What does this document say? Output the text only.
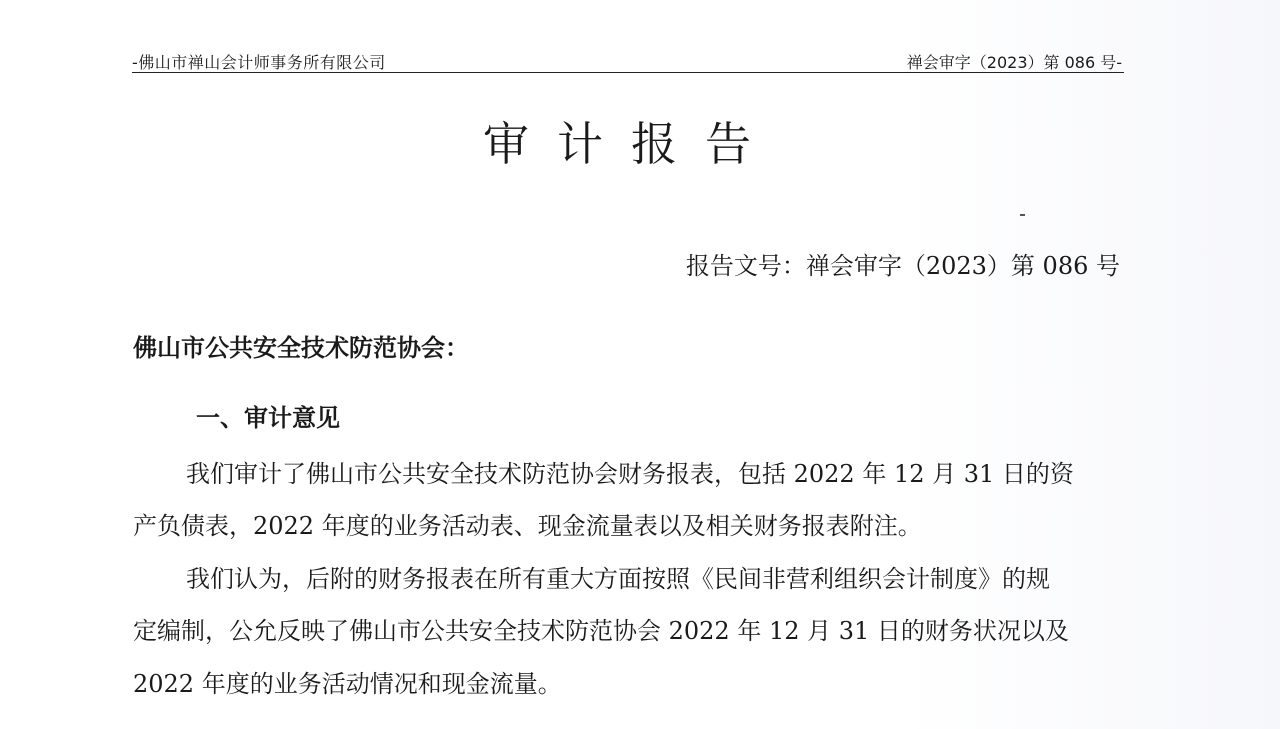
-佛山市禅山会计师事务所有限公司	禅会审字（2023）第 086 号-
审计报告
报告文号：禅会审字（2023）第 086 号
佛山市公共安全技术防范协会：
一、审计意见
我们审计了佛山市公共安全技术防范协会财务报表，包括 2022 年 12 月 31 日的资
产负债表，2022 年度的业务活动表、现金流量表以及相关财务报表附注。
我们认为，后附的财务报表在所有重大方面按照《民间非营利组织会计制度》的规
定编制，公允反映了佛山市公共安全技术防范协会 2022 年 12 月 31 日的财务状况以及
2022 年度的业务活动情况和现金流量。
